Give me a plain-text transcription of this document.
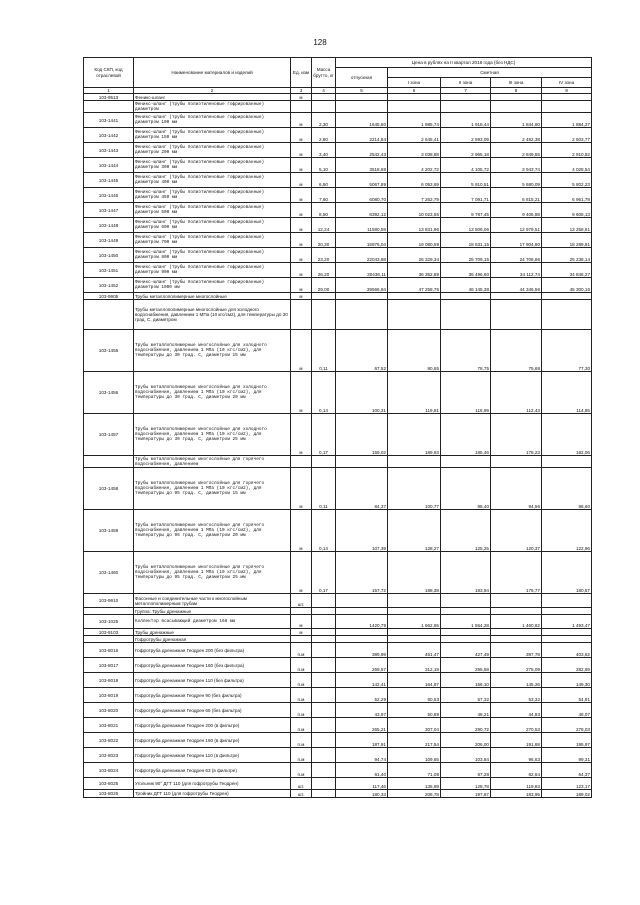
128
Код СКП, код отраслевой	Наименование материалов и изделий	Ед. изм	Масса брутто, кг	Цена в рублях на II квартал 2018 года (без НДС)				
				отпускная	Сметная			
					I зона	II зона	III зона	IV зона
1	2	3	4	5	6	7	8	9
103-9513	Феникс-шланг	м						
	Феникс-шланг (трубы полиэтиленовые гофрированные) диаметром							
103-1441	Феникс-шланг (трубы полиэтиленовые гофрированные) диаметром 100 мм	м	2,30	1645,60	1 985,74	1 918,44	1 844,60	1 884,27
103-1442	Феникс-шланг (трубы полиэтиленовые гофрированные) диаметром 150 мм	м	2,80	2214,84	2 645,41	2 593,09	2 482,38	2 503,77
103-1443	Феникс-шланг (трубы полиэтиленовые гофрированные) диаметром 200 мм	м	3,40	2542,43	3 038,88	2 965,18	2 849,55	2 910,82
103-1444	Феникс-шланг (трубы полиэтиленовые гофрированные) диаметром 300 мм	м	5,10	3518,68	4 202,72	4 105,72	3 943,74	4 028,54
103-1445	Феникс-шланг (трубы полиэтиленовые гофрированные) диаметром 400 мм	м	6,50	5067,89	6 053,69	5 910,51	5 680,09	5 802,23
103-1446	Феникс-шланг (трубы полиэтиленовые гофрированные) диаметром 450 мм	м	7,60	6080,70	7 262,79	7 091,71	6 815,21	6 961,78
103-1447	Феникс-шланг (трубы полиэтиленовые гофрированные) диаметром 500 мм	м	8,50	8392,12	10 023,55	9 787,45	9 405,88	9 608,13
103-1448	Феникс-шланг (трубы полиэтиленовые гофрированные) диаметром 600 мм	м	12,24	11580,59	13 831,96	13 506,06	12 979,51	13 258,61
103-1449	Феникс-шланг (трубы полиэтиленовые гофрированные) диаметром 700 мм	м	20,30	15975,04	19 080,59	18 631,15	17 904,80	18 289,81
103-1450	Феникс-шланг (трубы полиэтиленовые гофрированные) диаметром 800 мм	м	23,20	22043,88	26 329,34	25 709,15	24 706,86	25 238,14
103-1451	Феникс-шланг (трубы полиэтиленовые гофрированные) диаметром 900 мм	м	26,20	30436,11	36 352,89	35 496,60	34 112,74	34 846,27
103-1452	Феникс-шланг (трубы полиэтиленовые гофрированные) диаметром 1000 мм	м	29,00	39566,94	47 258,76	46 145,38	44 346,56	45 300,16
103-9905	Трубы металлополимерные многослойные	м						
	Трубы металлополимерные многослойные для холодного водоснабжения, давлением 1 МПа (10 кгс/см2), для температуры до 30 град. С, диаметром							
103-1455	Трубы металлополимерные многослойные для холодного водоснабжения, давлением 1 МПа (10 кгс/см2), для температуры до 30 град. С, диаметром 15 мм	м	0,11	67,52	80,65	78,75	75,68	77,30
103-1456	Трубы металлополимерные многослойные для холодного водоснабжения, давлением 1 МПа (10 кгс/см2), для температуры до 30 град. С, диаметром 20 мм	м	0,14	100,31	119,81	116,99	112,43	114,85
103-1457	Трубы металлополимерные многослойные для холодного водоснабжения, давлением 1 МПа (10 кгс/см2), для температуры до 30 град. С, диаметром 25 мм	м	0,17	159,02	189,93	185,46	178,23	182,06
	Трубы металлополимерные многослойные для горячего водоснабжения, давлением							
103-1458	Трубы металлополимерные многослойные для горячего водоснабжения, давлением 1 МПа (10 кгс/см2), для температуры до 95 град. С, диаметром 15 мм	м	0,11	84,37	100,77	98,40	94,56	96,60
103-1459	Трубы металлополимерные многослойные для горячего водоснабжения, давлением 1 МПа (10 кгс/см2), для температуры до 95 град. С, диаметром 20 мм	м	0,14	107,39	128,27	125,25	120,37	122,96
103-1460	Трубы металлополимерные многослойные для горячего водоснабжения, давлением 1 МПа (10 кгс/см2), для температуры до 95 град. С, диаметром 25 мм	м	0,17	157,72	188,38	183,94	176,77	180,57
103-9910	Фасонные и соединительные части к многослойным металлополимерным трубам	шт.						
	Группа: Трубы дренажные							
103-1025	Коллектор всасывающий диаметром 168 мм	м		1420,79	1 662,65	1 564,28	1 460,82	1 493,47
103-9103	Трубы дренажные	м						
	Гофротрубы дренажная							
103-8016	Гофротруба дренажная Геодрен 200 (без фильтра)	п.м		389,99	451,47	427,49	397,78	403,62
103-8017	Гофротруба дренажная Геодрен 160 (без фильтра)	п.м		269,57	312,19	295,58	275,09	282,69
103-8018	Гофротруба дренажная Геодрен 110 (без фильтра)	п.м		142,41	164,87	156,10	145,26	149,30
103-8019	Гофротруба дренажная Геодрен 90 (без фильтра)	п.м		52,29	60,53	57,32	53,32	54,81
103-8020	Гофротруба дренажная Геодрен 65 (без фильтра)	п.м		43,97	50,89	48,21	44,83	46,07
103-8021	Гофротруба дренажная Геодрен 200 (в фильтре)	п.м		265,21	307,04	290,72	270,53	278,03
103-8022	Гофротруба дренажная Геодрен 160 (в фильтре)	п.м		187,91	217,54	206,00	191,68	195,97
103-8023	Гофротруба дренажная Геодрен 110 (в фильтре)	п.м		94,74	109,65	103,84	96,63	99,31
103-8024	Гофротруба дренажная Геодрен 63 (в фильтре)	п.м		61,40	71,08	67,28	62,64	64,37
103-8025	Угольник 90° ДГТ 110 (для гофротрубы Геодрен)	шт.		117,46	135,99	128,78	119,83	123,17
103-8026	Тройник ДГТ 110 (для гофротрубы Геодрен)	шт.		180,33	208,78	197,67	183,95	189,02
